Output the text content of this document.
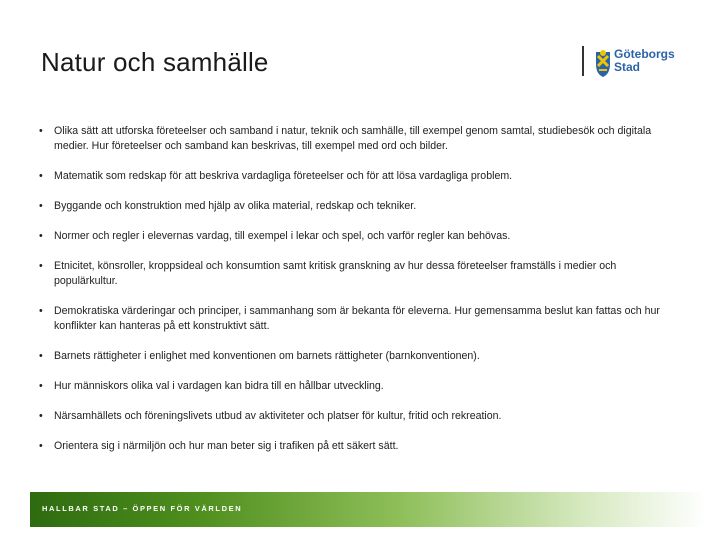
Natur och samhälle	Göteborgs
Stad
• Olika sätt att utforska företeelser och samband i natur, teknik och samhälle, till exempel genom samtal, studiebesök och digitala medier. Hur företeelser och samband kan beskrivas, till exempel med ord och bilder.
• Matematik som redskap för att beskriva vardagliga företeelser och för att lösa vardagliga problem.
• Byggande och konstruktion med hjälp av olika material, redskap och tekniker.
• Normer och regler i elevernas vardag, till exempel i lekar och spel, och varför regler kan behövas.
• Etnicitet, könsroller, kroppsideal och konsumtion samt kritisk granskning av hur dessa företeelser framställs i medier och populärkultur.
• Demokratiska värderingar och principer, i sammanhang som är bekanta för eleverna. Hur gemensamma beslut kan fattas och hur konflikter kan hanteras på ett konstruktivt sätt.
• Barnets rättigheter i enlighet med konventionen om barnets rättigheter (barnkonventionen).
• Hur människors olika val i vardagen kan bidra till en hållbar utveckling.
• Närsamhällets och föreningslivets utbud av aktiviteter och platser för kultur, fritid och rekreation.
• Orientera sig i närmiljön och hur man beter sig i trafiken på ett säkert sätt.
HALLBAR STAD – ÖPPEN FÖR VÄRLDEN
